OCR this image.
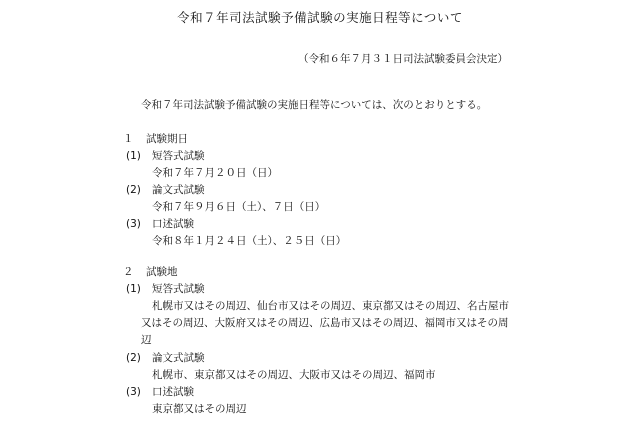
令和７年司法試験予備試験の実施日程等について
（令和６年７月３１日司法試験委員会決定）
令和７年司法試験予備試験の実施日程等については、次のとおりとする。
１ 試験期日
(1) 短答式試験
令和７年７月２０日（日）
(2) 論文式試験
令和７年９月６日（土）、７日（日）
(3) 口述試験
令和８年１月２４日（土）、２５日（日）
２ 試験地
(1) 短答式試験
札幌市又はその周辺、仙台市又はその周辺、東京都又はその周辺、名古屋市
又はその周辺、大阪府又はその周辺、広島市又はその周辺、福岡市又はその周
辺
(2) 論文式試験
札幌市、東京都又はその周辺、大阪市又はその周辺、福岡市
(3) 口述試験
東京都又はその周辺
